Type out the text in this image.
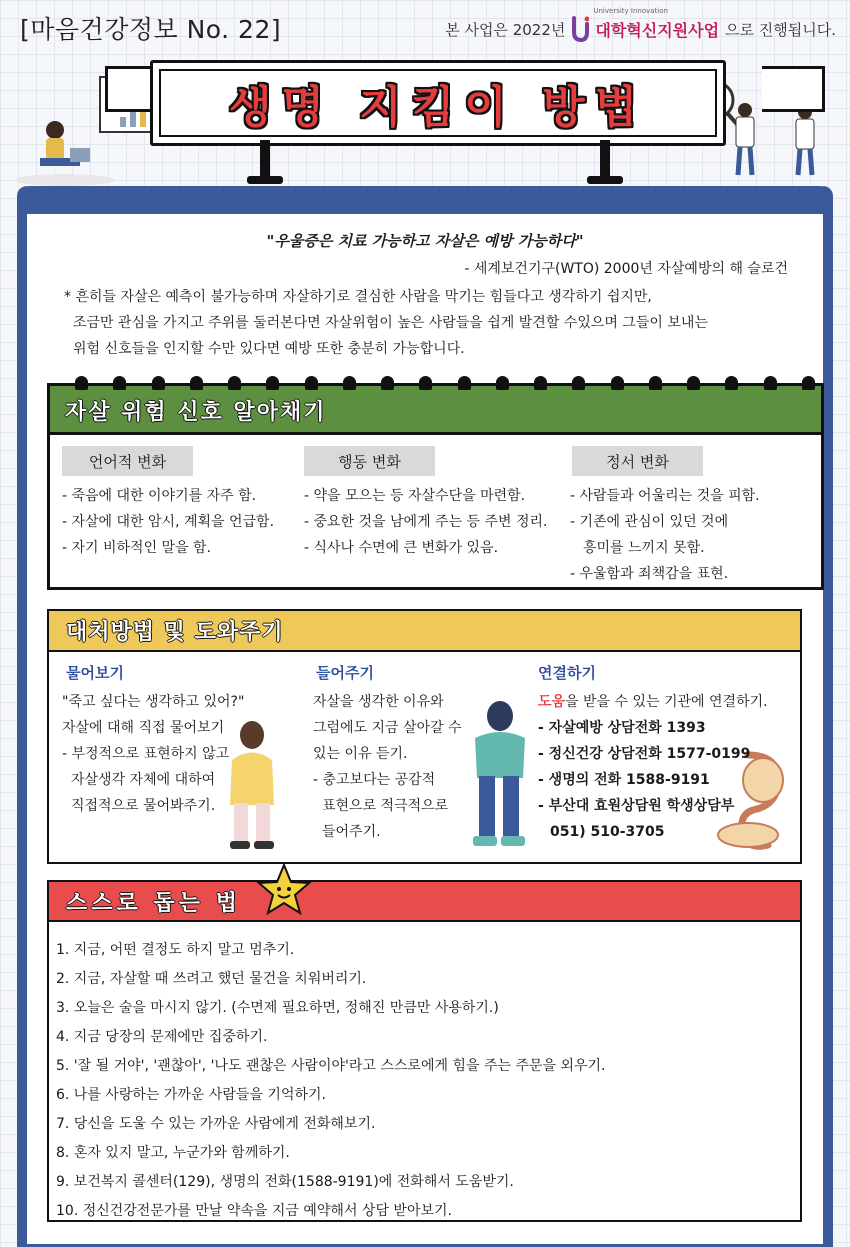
[마음건강정보 No. 22]	본 사업은 2022년
University Innovation
대학혁신지원사업 으로 진행됩니다.
생명 지킴이 방법
"우울증은 치료 가능하고 자살은 예방 가능하다"
- 세계보건기구(WTO) 2000년 자살예방의 해 슬로건
* 흔히들 자살은 예측이 불가능하며 자살하기로 결심한 사람을 막기는 힘들다고 생각하기 쉽지만,
조금만 관심을 가지고 주위를 둘러본다면 자살위험이 높은 사람들을 쉽게 발견할 수있으며 그들이 보내는
위험 신호들을 인지할 수만 있다면 예방 또한 충분히 가능합니다.
자살 위험 신호 알아채기
언어적 변화
- 죽음에 대한 이야기를 자주 함.
- 자살에 대한 암시, 계획을 언급함.
- 자기 비하적인 말을 함.
행동 변화
- 약을 모으는 등 자살수단을 마련함.
- 중요한 것을 남에게 주는 등 주변 정리.
- 식사나 수면에 큰 변화가 있음.
정서 변화
- 사람들과 어울리는 것을 피함.
- 기존에 관심이 있던 것에
흥미를 느끼지 못함.
- 우울함과 죄책감을 표현.
대처방법 및 도와주기
물어보기
"죽고 싶다는 생각하고 있어?"
자살에 대해 직접 물어보기
- 부정적으로 표현하지 않고
자살생각 자체에 대하여
직접적으로 물어봐주기.
들어주기
자살을 생각한 이유와
그럼에도 지금 살아갈 수
있는 이유 듣기.
- 충고보다는 공감적
표현으로 적극적으로
들어주기.
연결하기
도움을 받을 수 있는 기관에 연결하기.
- 자살예방 상담전화 1393
- 정신건강 상담전화 1577-0199
- 생명의 전화 1588-9191
- 부산대 효원상담원 학생상담부
051) 510-3705
스스로 돕는 법
1. 지금, 어떤 결정도 하지 말고 멈추기.
2. 지금, 자살할 때 쓰려고 했던 물건을 치워버리기.
3. 오늘은 술을 마시지 않기. (수면제 필요하면, 정해진 만큼만 사용하기.)
4. 지금 당장의 문제에만 집중하기.
5. '잘 될 거야', '괜찮아', '나도 괜찮은 사람이야'라고 스스로에게 힘을 주는 주문을 외우기.
6. 나를 사랑하는 가까운 사람들을 기억하기.
7. 당신을 도울 수 있는 가까운 사람에게 전화해보기.
8. 혼자 있지 말고, 누군가와 함께하기.
9. 보건복지 콜센터(129), 생명의 전화(1588-9191)에 전화해서 도움받기.
10. 정신건강전문가를 만날 약속을 지금 예약해서 상담 받아보기.
